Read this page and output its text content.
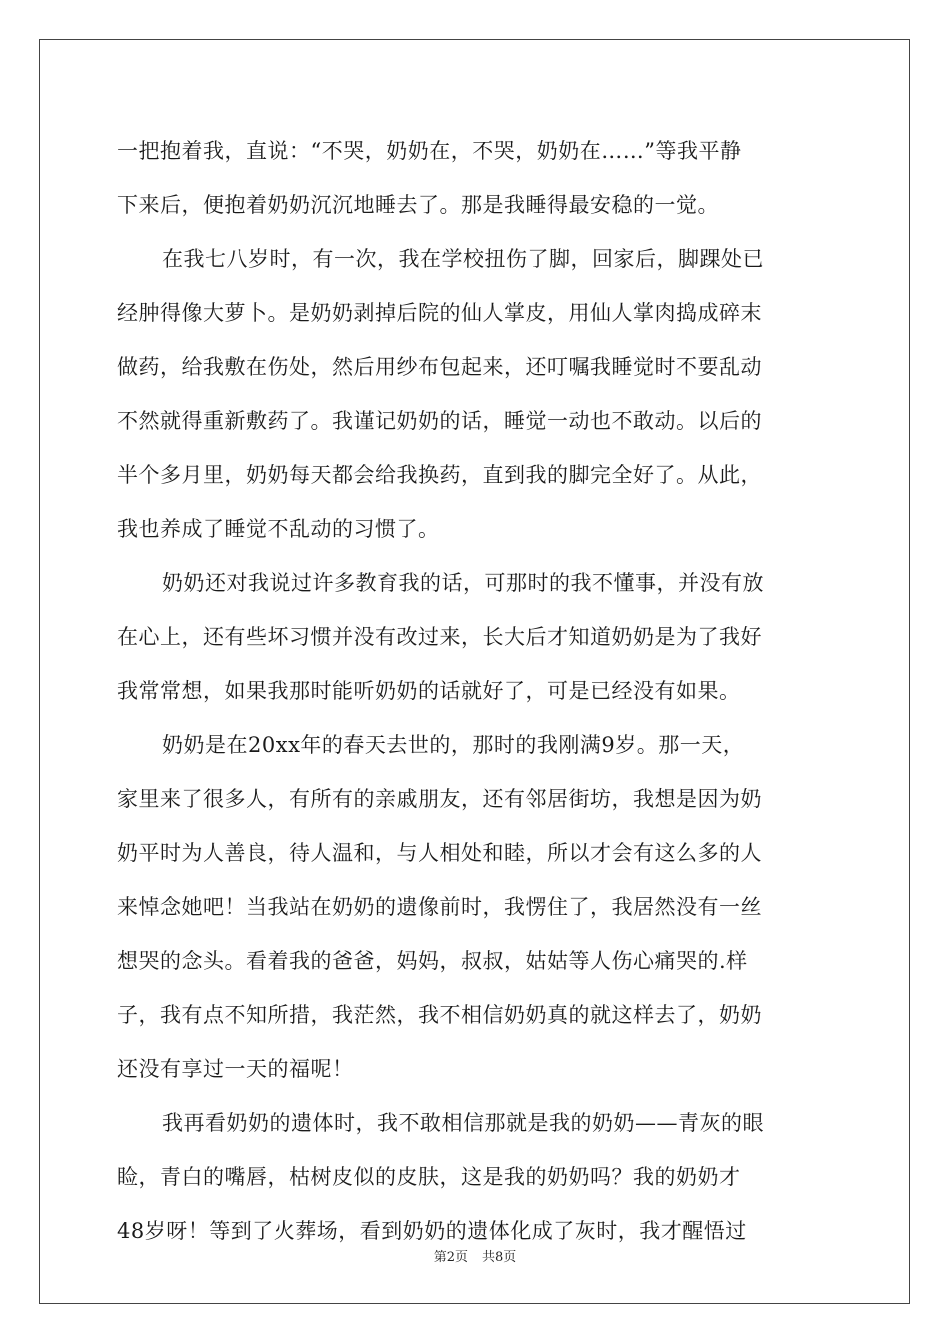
一把抱着我，直说：“不哭，奶奶在，不哭，奶奶在……”等我平静
下来后，便抱着奶奶沉沉地睡去了。那是我睡得最安稳的一觉。
在我七八岁时，有一次，我在学校扭伤了脚，回家后，脚踝处已
经肿得像大萝卜。是奶奶剥掉后院的仙人掌皮，用仙人掌肉捣成碎末
做药，给我敷在伤处，然后用纱布包起来，还叮嘱我睡觉时不要乱动
不然就得重新敷药了。我谨记奶奶的话，睡觉一动也不敢动。以后的
半个多月里，奶奶每天都会给我换药，直到我的脚完全好了。从此，
我也养成了睡觉不乱动的习惯了。
奶奶还对我说过许多教育我的话，可那时的我不懂事，并没有放
在心上，还有些坏习惯并没有改过来，长大后才知道奶奶是为了我好
我常常想，如果我那时能听奶奶的话就好了，可是已经没有如果。
奶奶是在20xx年的春天去世的，那时的我刚满9岁。那一天，
家里来了很多人，有所有的亲戚朋友，还有邻居街坊，我想是因为奶
奶平时为人善良，待人温和，与人相处和睦，所以才会有这么多的人
来悼念她吧！当我站在奶奶的遗像前时，我愣住了，我居然没有一丝
想哭的念头。看着我的爸爸，妈妈，叔叔，姑姑等人伤心痛哭的.样
子，我有点不知所措，我茫然，我不相信奶奶真的就这样去了，奶奶
还没有享过一天的福呢！
我再看奶奶的遗体时，我不敢相信那就是我的奶奶——青灰的眼
睑，青白的嘴唇，枯树皮似的皮肤，这是我的奶奶吗？我的奶奶才
48岁呀！等到了火葬场，看到奶奶的遗体化成了灰时，我才醒悟过
第2页 共8页
